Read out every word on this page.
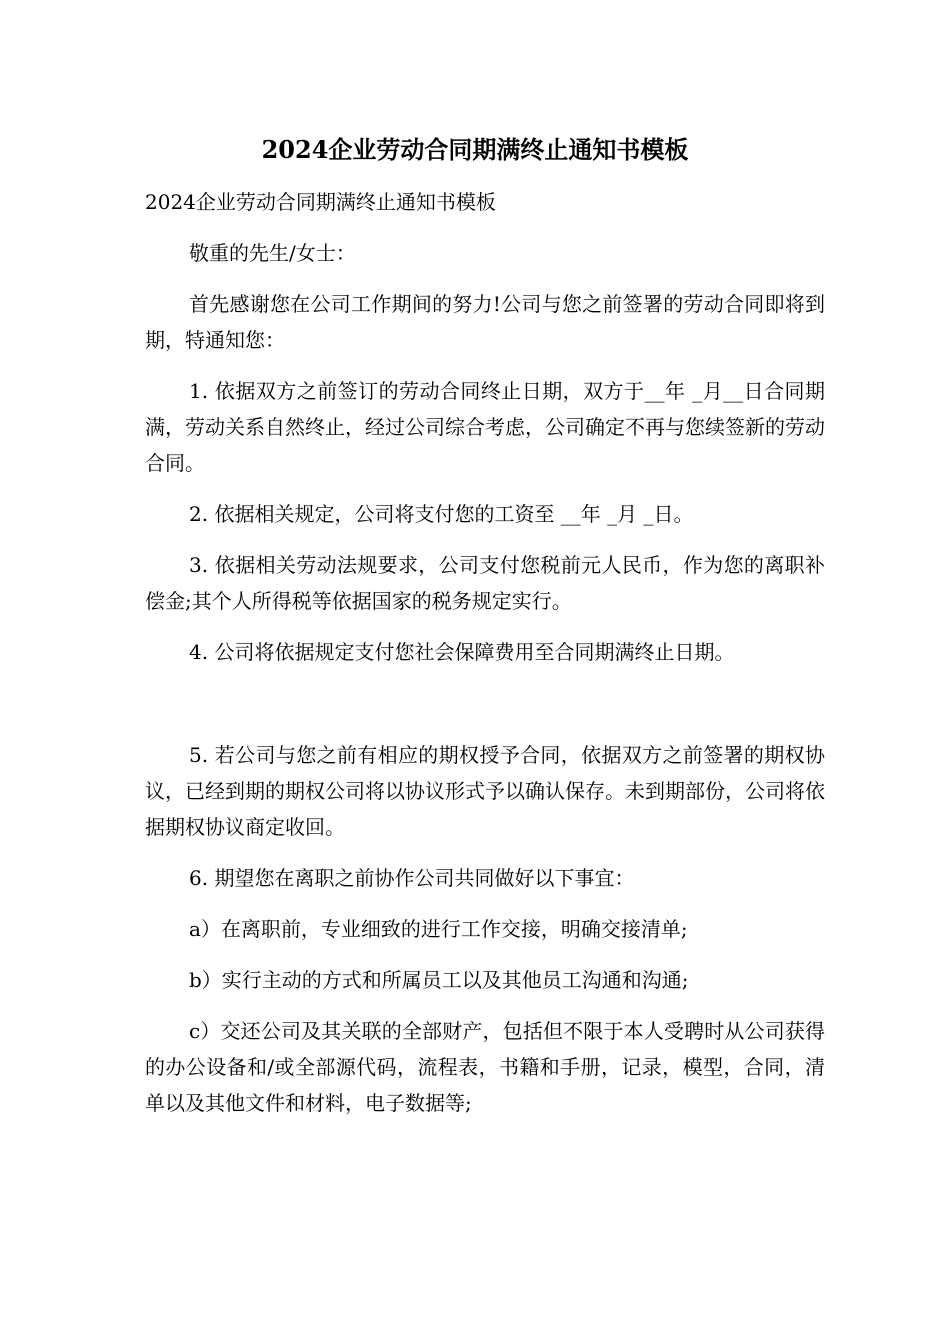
2024企业劳动合同期满终止通知书模板

2024企业劳动合同期满终止通知书模板

敬重的先生/女士：

首先感谢您在公司工作期间的努力!公司与您之前签署的劳动合同即将到期，特通知您：

1. 依据双方之前签订的劳动合同终止日期，双方于__年 _月__日合同期满，劳动关系自然终止，经过公司综合考虑，公司确定不再与您续签新的劳动合同。

2. 依据相关规定，公司将支付您的工资至 __年 _月 _日。

3. 依据相关劳动法规要求，公司支付您税前元人民币，作为您的离职补偿金;其个人所得税等依据国家的税务规定实行。

4. 公司将依据规定支付您社会保障费用至合同期满终止日期。

5. 若公司与您之前有相应的期权授予合同，依据双方之前签署的期权协议，已经到期的期权公司将以协议形式予以确认保存。未到期部份，公司将依据期权协议商定收回。

6. 期望您在离职之前协作公司共同做好以下事宜：

a）在离职前，专业细致的进行工作交接，明确交接清单;

b）实行主动的方式和所属员工以及其他员工沟通和沟通;

c）交还公司及其关联的全部财产，包括但不限于本人受聘时从公司获得的办公设备和/或全部源代码，流程表，书籍和手册，记录，模型，合同，清单以及其他文件和材料，电子数据等;
